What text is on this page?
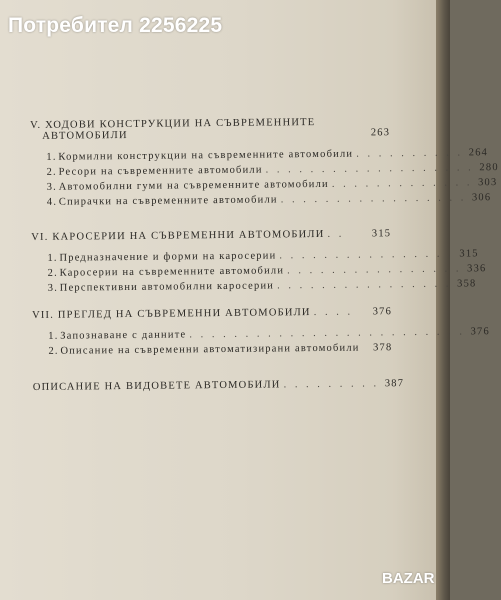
Потребител 2256225
V. ХОДОВИ КОНСТРУКЦИИ НА СЪВРЕМЕННИТЕ
АВТОМОБИЛИ	263
1. Кормилни конструкции на съвременните автомобили . . . . . . . . . . 264
2. Ресори на съвременните автомобили . . . . . . . . . . . . . . . . . . . 280
3. Автомобилни гуми на съвременните автомобили . . . . . . . . . . . . . 303
4. Спирачки на съвременните автомобили . . . . . . . . . . . . . . . . . 306
VI. КАРОСЕРИИ НА СЪВРЕМЕННИ АВТОМОБИЛИ . .	315
1. Предназначение и форми на каросерии . . . . . . . . . . . . . . . . 315
2. Каросерии на съвременните автомобили . . . . . . . . . . . . . . . . 336
3. Перспективни автомобилни каросерии . . . . . . . . . . . . . . . . 358
VII. ПРЕГЛЕД НА СЪВРЕМЕННИ АВТОМОБИЛИ . . . .	376
1. Запознаване с данните . . . . . . . . . . . . . . . . . . . . . . . . . 376
2. Описание на съвременни автоматизирани автомобили 378
ОПИСАНИЕ НА ВИДОВЕТЕ АВТОМОБИЛИ . . . . . . . . . 387
BAZAR
